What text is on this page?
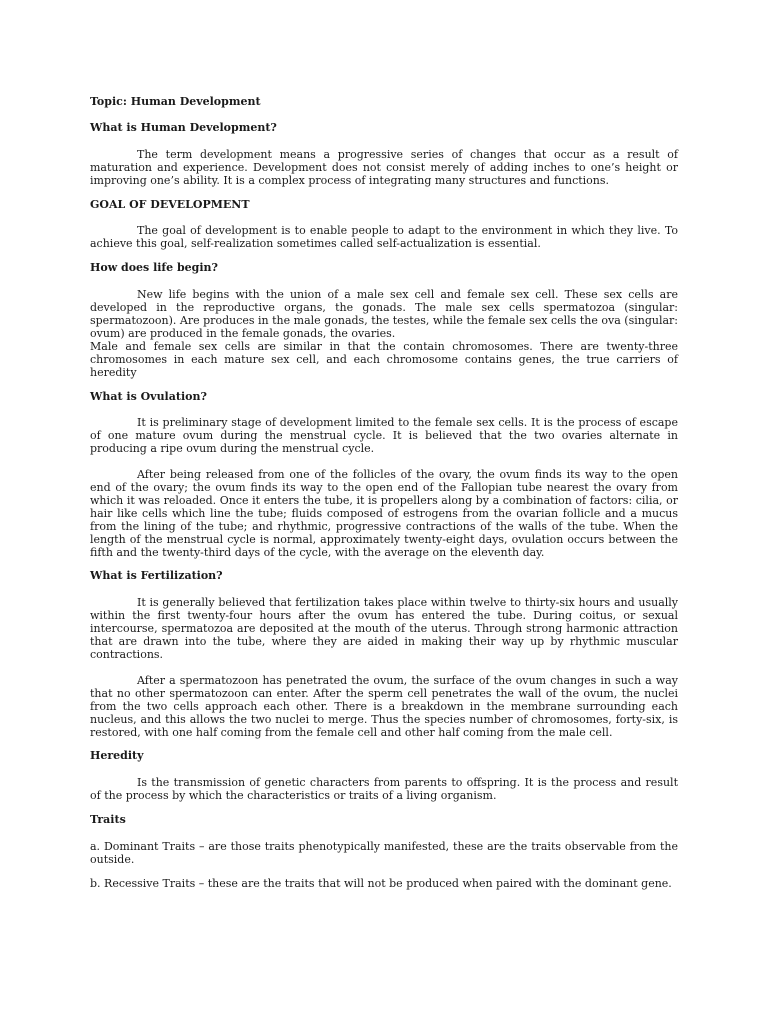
Topic: Human Development

What is Human Development?

The term development means a progressive series of changes that occur as a result of maturation and experience. Development does not consist merely of adding inches to one’s height or improving one’s ability. It is a complex process of integrating many structures and functions.

GOAL OF DEVELOPMENT

The goal of development is to enable people to adapt to the environment in which they live. To achieve this goal, self-realization sometimes called self-actualization is essential.

How does life begin?

New life begins with the union of a male sex cell and female sex cell. These sex cells are developed in the reproductive organs, the gonads. The male sex cells spermatozoa (singular: spermatozoon). Are produces in the male gonads, the testes, while the female sex cells the ova (singular: ovum) are produced in the female gonads, the ovaries.

Male and female sex cells are similar in that the contain chromosomes. There are twenty-three chromosomes in each mature sex cell, and each chromosome contains genes, the true carriers of heredity

What is Ovulation?

It is preliminary stage of development limited to the female sex cells. It is the process of escape of one mature ovum during the menstrual cycle. It is believed that the two ovaries alternate in producing a ripe ovum during the menstrual cycle.

After being released from one of the follicles of the ovary, the ovum finds its way to the open end of the ovary; the ovum finds its way to the open end of the Fallopian tube nearest the ovary from which it was reloaded. Once it enters the tube, it is propellers along by a combination of factors: cilia, or hair like cells which line the tube; fluids composed of estrogens from the ovarian follicle and a mucus from the lining of the tube; and rhythmic, progressive contractions of the walls of the tube. When the length of the menstrual cycle is normal, approximately twenty-eight days, ovulation occurs between the fifth and the twenty-third days of the cycle, with the average on the eleventh day.

What is Fertilization?

It is generally believed that fertilization takes place within twelve to thirty-six hours and usually within the first twenty-four hours after the ovum has entered the tube. During coitus, or sexual intercourse, spermatozoa are deposited at the mouth of the uterus. Through strong harmonic attraction that are drawn into the tube, where they are aided in making their way up by rhythmic muscular contractions.

After a spermatozoon has penetrated the ovum, the surface of the ovum changes in such a way that no other spermatozoon can enter. After the sperm cell penetrates the wall of the ovum, the nuclei from the two cells approach each other. There is a breakdown in the membrane surrounding each nucleus, and this allows the two nuclei to merge. Thus the species number of chromosomes, forty-six, is restored, with one half coming from the female cell and other half coming from the male cell.

Heredity

Is the transmission of genetic characters from parents to offspring. It is the process and result of the process by which the characteristics or traits of a living organism.

Traits

a. Dominant Traits – are those traits phenotypically manifested, these are the traits observable from the outside.

b. Recessive Traits – these are the traits that will not be produced when paired with the dominant gene.
